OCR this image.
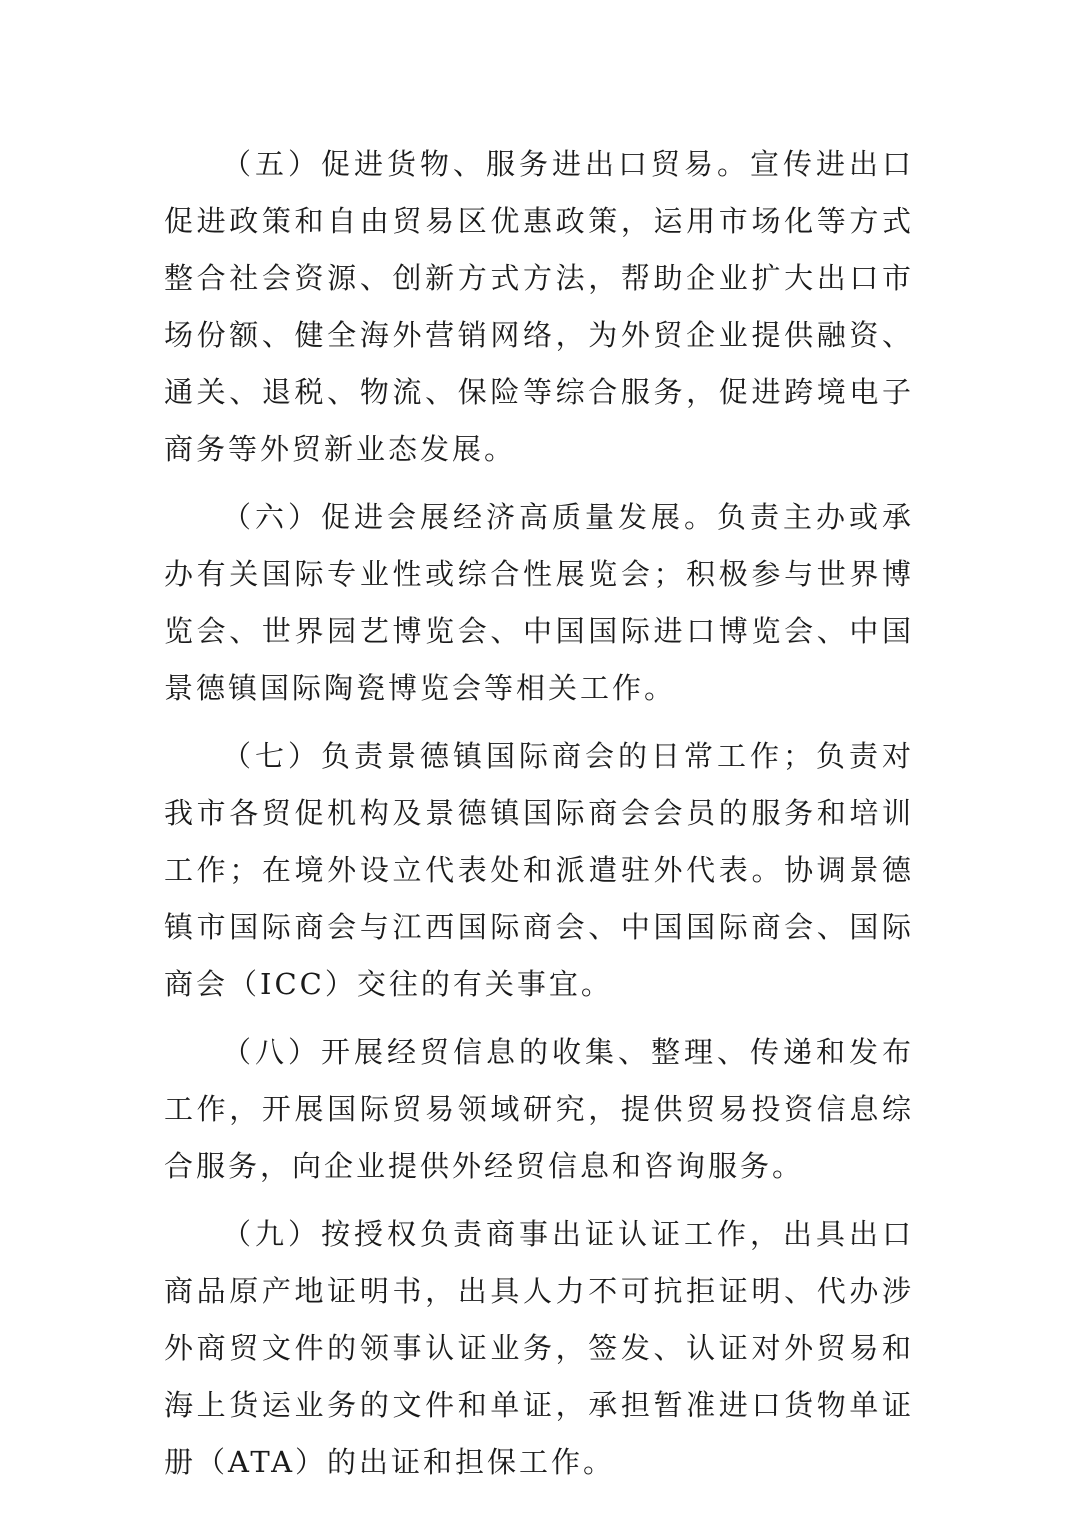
（五）促进货物、服务进出口贸易。宣传进出口促进政策和自由贸易区优惠政策，运用市场化等方式整合社会资源、创新方式方法，帮助企业扩大出口市场份额、健全海外营销网络，为外贸企业提供融资、通关、退税、物流、保险等综合服务，促进跨境电子商务等外贸新业态发展。

（六）促进会展经济高质量发展。负责主办或承办有关国际专业性或综合性展览会；积极参与世界博览会、世界园艺博览会、中国国际进口博览会、中国景德镇国际陶瓷博览会等相关工作。

（七）负责景德镇国际商会的日常工作；负责对我市各贸促机构及景德镇国际商会会员的服务和培训工作；在境外设立代表处和派遣驻外代表。协调景德镇市国际商会与江西国际商会、中国国际商会、国际商会（ICC）交往的有关事宜。

（八）开展经贸信息的收集、整理、传递和发布工作，开展国际贸易领域研究，提供贸易投资信息综合服务，向企业提供外经贸信息和咨询服务。

（九）按授权负责商事出证认证工作，出具出口商品原产地证明书，出具人力不可抗拒证明、代办涉外商贸文件的领事认证业务，签发、认证对外贸易和海上货运业务的文件和单证，承担暂准进口货物单证册（ATA）的出证和担保工作。
